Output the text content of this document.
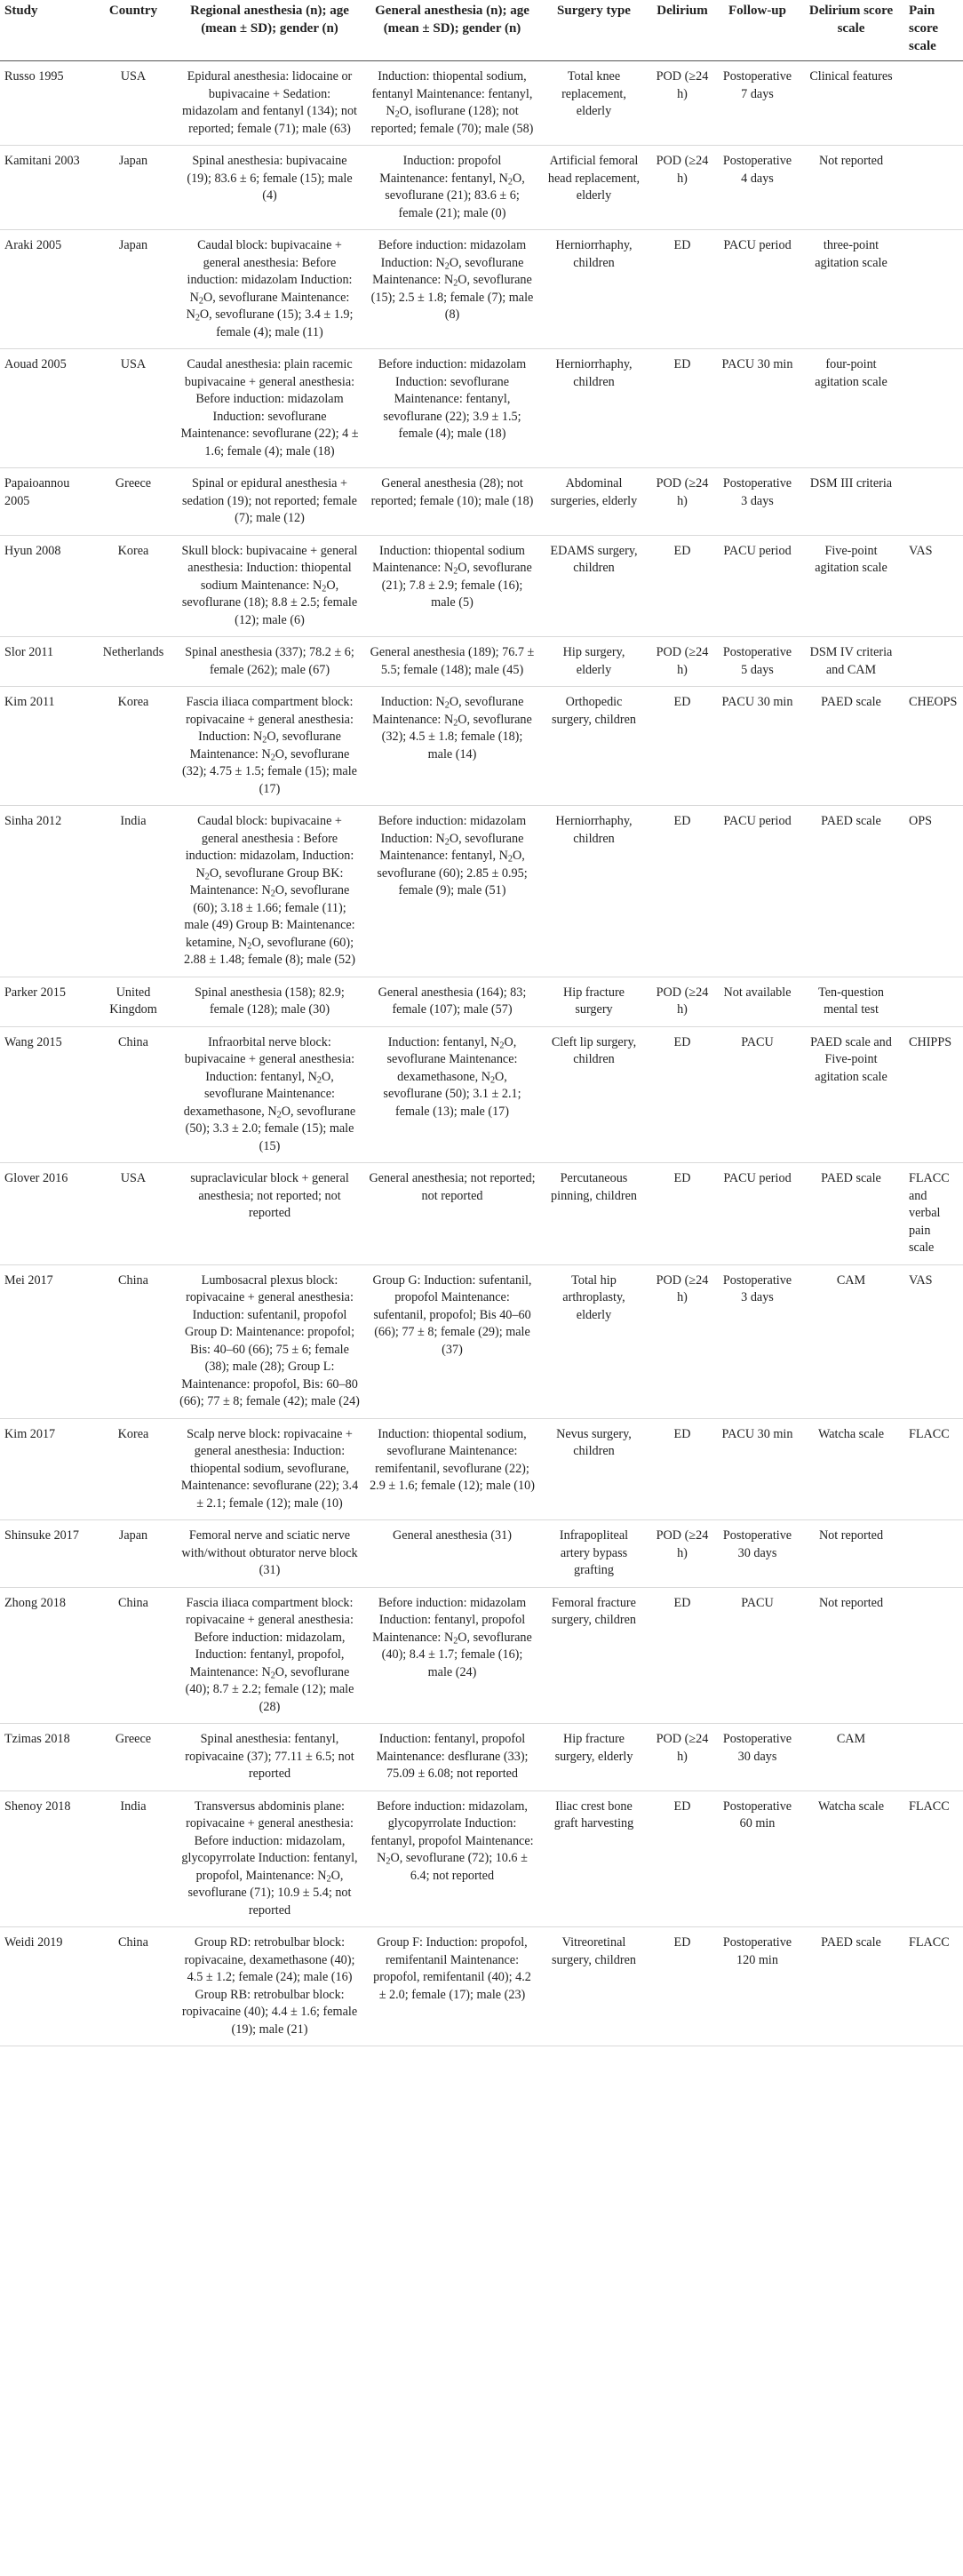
Study	Country	Regional anesthesia (n); age (mean ± SD); gender (n)	General anesthesia (n); age (mean ± SD); gender (n)	Surgery type	Delirium	Follow-up	Delirium score scale	Pain score scale
Russo 1995	USA	Epidural anesthesia: lidocaine or bupivacaine + Sedation: midazolam and fentanyl (134); not reported; female (71); male (63)	Induction: thiopental sodium, fentanyl Maintenance: fentanyl, $N_2O$, isoflurane (128); not reported; female (70); male (58)	Total knee replacement, elderly	POD (≥24 h)	Postoperative 7 days	Clinical features	
Kamitani 2003	Japan	Spinal anesthesia: bupivacaine (19); 83.6 ± 6; female (15); male (4)	Induction: propofol Maintenance: fentanyl, $N_2O$, sevoflurane (21); 83.6 ± 6; female (21); male (0)	Artificial femoral head replacement, elderly	POD (≥24 h)	Postoperative 4 days	Not reported	
Araki 2005	Japan	Caudal block: bupivacaine + general anesthesia: Before induction: midazolam Induction: $N_2O$, sevoflurane Maintenance: $N_2O$, sevoflurane (15); 3.4 ± 1.9; female (4); male (11)	Before induction: midazolam Induction: $N_2O$, sevoflurane Maintenance: $N_2O$, sevoflurane (15); 2.5 ± 1.8; female (7); male (8)	Herniorrhaphy, children	ED	PACU period	three-point agitation scale	
Aouad 2005	USA	Caudal anesthesia: plain racemic bupivacaine + general anesthesia: Before induction: midazolam Induction: sevoflurane Maintenance: sevoflurane (22); 4 ± 1.6; female (4); male (18)	Before induction: midazolam Induction: sevoflurane Maintenance: fentanyl, sevoflurane (22); 3.9 ± 1.5; female (4); male (18)	Herniorrhaphy, children	ED	PACU 30 min	four-point agitation scale	
Papaioannou 2005	Greece	Spinal or epidural anesthesia + sedation (19); not reported; female (7); male (12)	General anesthesia (28); not reported; female (10); male (18)	Abdominal surgeries, elderly	POD (≥24 h)	Postoperative 3 days	DSM III criteria	
Hyun 2008	Korea	Skull block: bupivacaine + general anesthesia: Induction: thiopental sodium Maintenance: $N_2O$, sevoflurane (18); 8.8 ± 2.5; female (12); male (6)	Induction: thiopental sodium Maintenance: $N_2O$, sevoflurane (21); 7.8 ± 2.9; female (16); male (5)	EDAMS surgery, children	ED	PACU period	Five-point agitation scale	VAS
Slor 2011	Netherlands	Spinal anesthesia (337); 78.2 ± 6; female (262); male (67)	General anesthesia (189); 76.7 ± 5.5; female (148); male (45)	Hip surgery, elderly	POD (≥24 h)	Postoperative 5 days	DSM IV criteria and CAM	
Kim 2011	Korea	Fascia iliaca compartment block: ropivacaine + general anesthesia: Induction: $N_2O$, sevoflurane Maintenance: $N_2O$, sevoflurane (32); 4.75 ± 1.5; female (15); male (17)	Induction: $N_2O$, sevoflurane Maintenance: $N_2O$, sevoflurane (32); 4.5 ± 1.8; female (18); male (14)	Orthopedic surgery, children	ED	PACU 30 min	PAED scale	CHEOPS
Sinha 2012	India	Caudal block: bupivacaine + general anesthesia : Before induction: midazolam, Induction: $N_2O$, sevoflurane Group BK: Maintenance: $N_2O$, sevoflurane (60); 3.18 ± 1.66; female (11); male (49) Group B: Maintenance: ketamine, $N_2O$, sevoflurane (60); 2.88 ± 1.48; female (8); male (52)	Before induction: midazolam Induction: $N_2O$, sevoflurane Maintenance: fentanyl, $N_2O$, sevoflurane (60); 2.85 ± 0.95; female (9); male (51)	Herniorrhaphy, children	ED	PACU period	PAED scale	OPS
Parker 2015	United Kingdom	Spinal anesthesia (158); 82.9; female (128); male (30)	General anesthesia (164); 83; female (107); male (57)	Hip fracture surgery	POD (≥24 h)	Not available	Ten-question mental test	
Wang 2015	China	Infraorbital nerve block: bupivacaine + general anesthesia: Induction: fentanyl, $N_2O$, sevoflurane Maintenance: dexamethasone, $N_2O$, sevoflurane (50); 3.3 ± 2.0; female (15); male (15)	Induction: fentanyl, $N_2O$, sevoflurane Maintenance: dexamethasone, $N_2O$, sevoflurane (50); 3.1 ± 2.1; female (13); male (17)	Cleft lip surgery, children	ED	PACU	PAED scale and Five-point agitation scale	CHIPPS
Glover 2016	USA	supraclavicular block + general anesthesia; not reported; not reported	General anesthesia; not reported; not reported	Percutaneous pinning, children	ED	PACU period	PAED scale	FLACC and verbal pain scale
Mei 2017	China	Lumbosacral plexus block: ropivacaine + general anesthesia: Induction: sufentanil, propofol Group D: Maintenance: propofol; Bis: 40–60 (66); 75 ± 6; female (38); male (28); Group L: Maintenance: propofol, Bis: 60–80 (66); 77 ± 8; female (42); male (24)	Group G: Induction: sufentanil, propofol Maintenance: sufentanil, propofol; Bis 40–60 (66); 77 ± 8; female (29); male (37)	Total hip arthroplasty, elderly	POD (≥24 h)	Postoperative 3 days	CAM	VAS
Kim 2017	Korea	Scalp nerve block: ropivacaine + general anesthesia: Induction: thiopental sodium, sevoflurane, Maintenance: sevoflurane (22); 3.4 ± 2.1; female (12); male (10)	Induction: thiopental sodium, sevoflurane Maintenance: remifentanil, sevoflurane (22); 2.9 ± 1.6; female (12); male (10)	Nevus surgery, children	ED	PACU 30 min	Watcha scale	FLACC
Shinsuke 2017	Japan	Femoral nerve and sciatic nerve with/without obturator nerve block (31)	General anesthesia (31)	Infrapopliteal artery bypass grafting	POD (≥24 h)	Postoperative 30 days	Not reported	
Zhong 2018	China	Fascia iliaca compartment block: ropivacaine + general anesthesia: Before induction: midazolam, Induction: fentanyl, propofol, Maintenance: $N_2O$, sevoflurane (40); 8.7 ± 2.2; female (12); male (28)	Before induction: midazolam Induction: fentanyl, propofol Maintenance: $N_2O$, sevoflurane (40); 8.4 ± 1.7; female (16); male (24)	Femoral fracture surgery, children	ED	PACU	Not reported	
Tzimas 2018	Greece	Spinal anesthesia: fentanyl, ropivacaine (37); 77.11 ± 6.5; not reported	Induction: fentanyl, propofol Maintenance: desflurane (33); 75.09 ± 6.08; not reported	Hip fracture surgery, elderly	POD (≥24 h)	Postoperative 30 days	CAM	
Shenoy 2018	India	Transversus abdominis plane: ropivacaine + general anesthesia: Before induction: midazolam, glycopyrrolate Induction: fentanyl, propofol, Maintenance: $N_2O$, sevoflurane (71); 10.9 ± 5.4; not reported	Before induction: midazolam, glycopyrrolate Induction: fentanyl, propofol Maintenance: $N_2O$, sevoflurane (72); 10.6 ± 6.4; not reported	Iliac crest bone graft harvesting	ED	Postoperative 60 min	Watcha scale	FLACC
Weidi 2019	China	Group RD: retrobulbar block: ropivacaine, dexamethasone (40); 4.5 ± 1.2; female (24); male (16) Group RB: retrobulbar block: ropivacaine (40); 4.4 ± 1.6; female (19); male (21)	Group F: Induction: propofol, remifentanil Maintenance: propofol, remifentanil (40); 4.2 ± 2.0; female (17); male (23)	Vitreoretinal surgery, children	ED	Postoperative 120 min	PAED scale	FLACC
